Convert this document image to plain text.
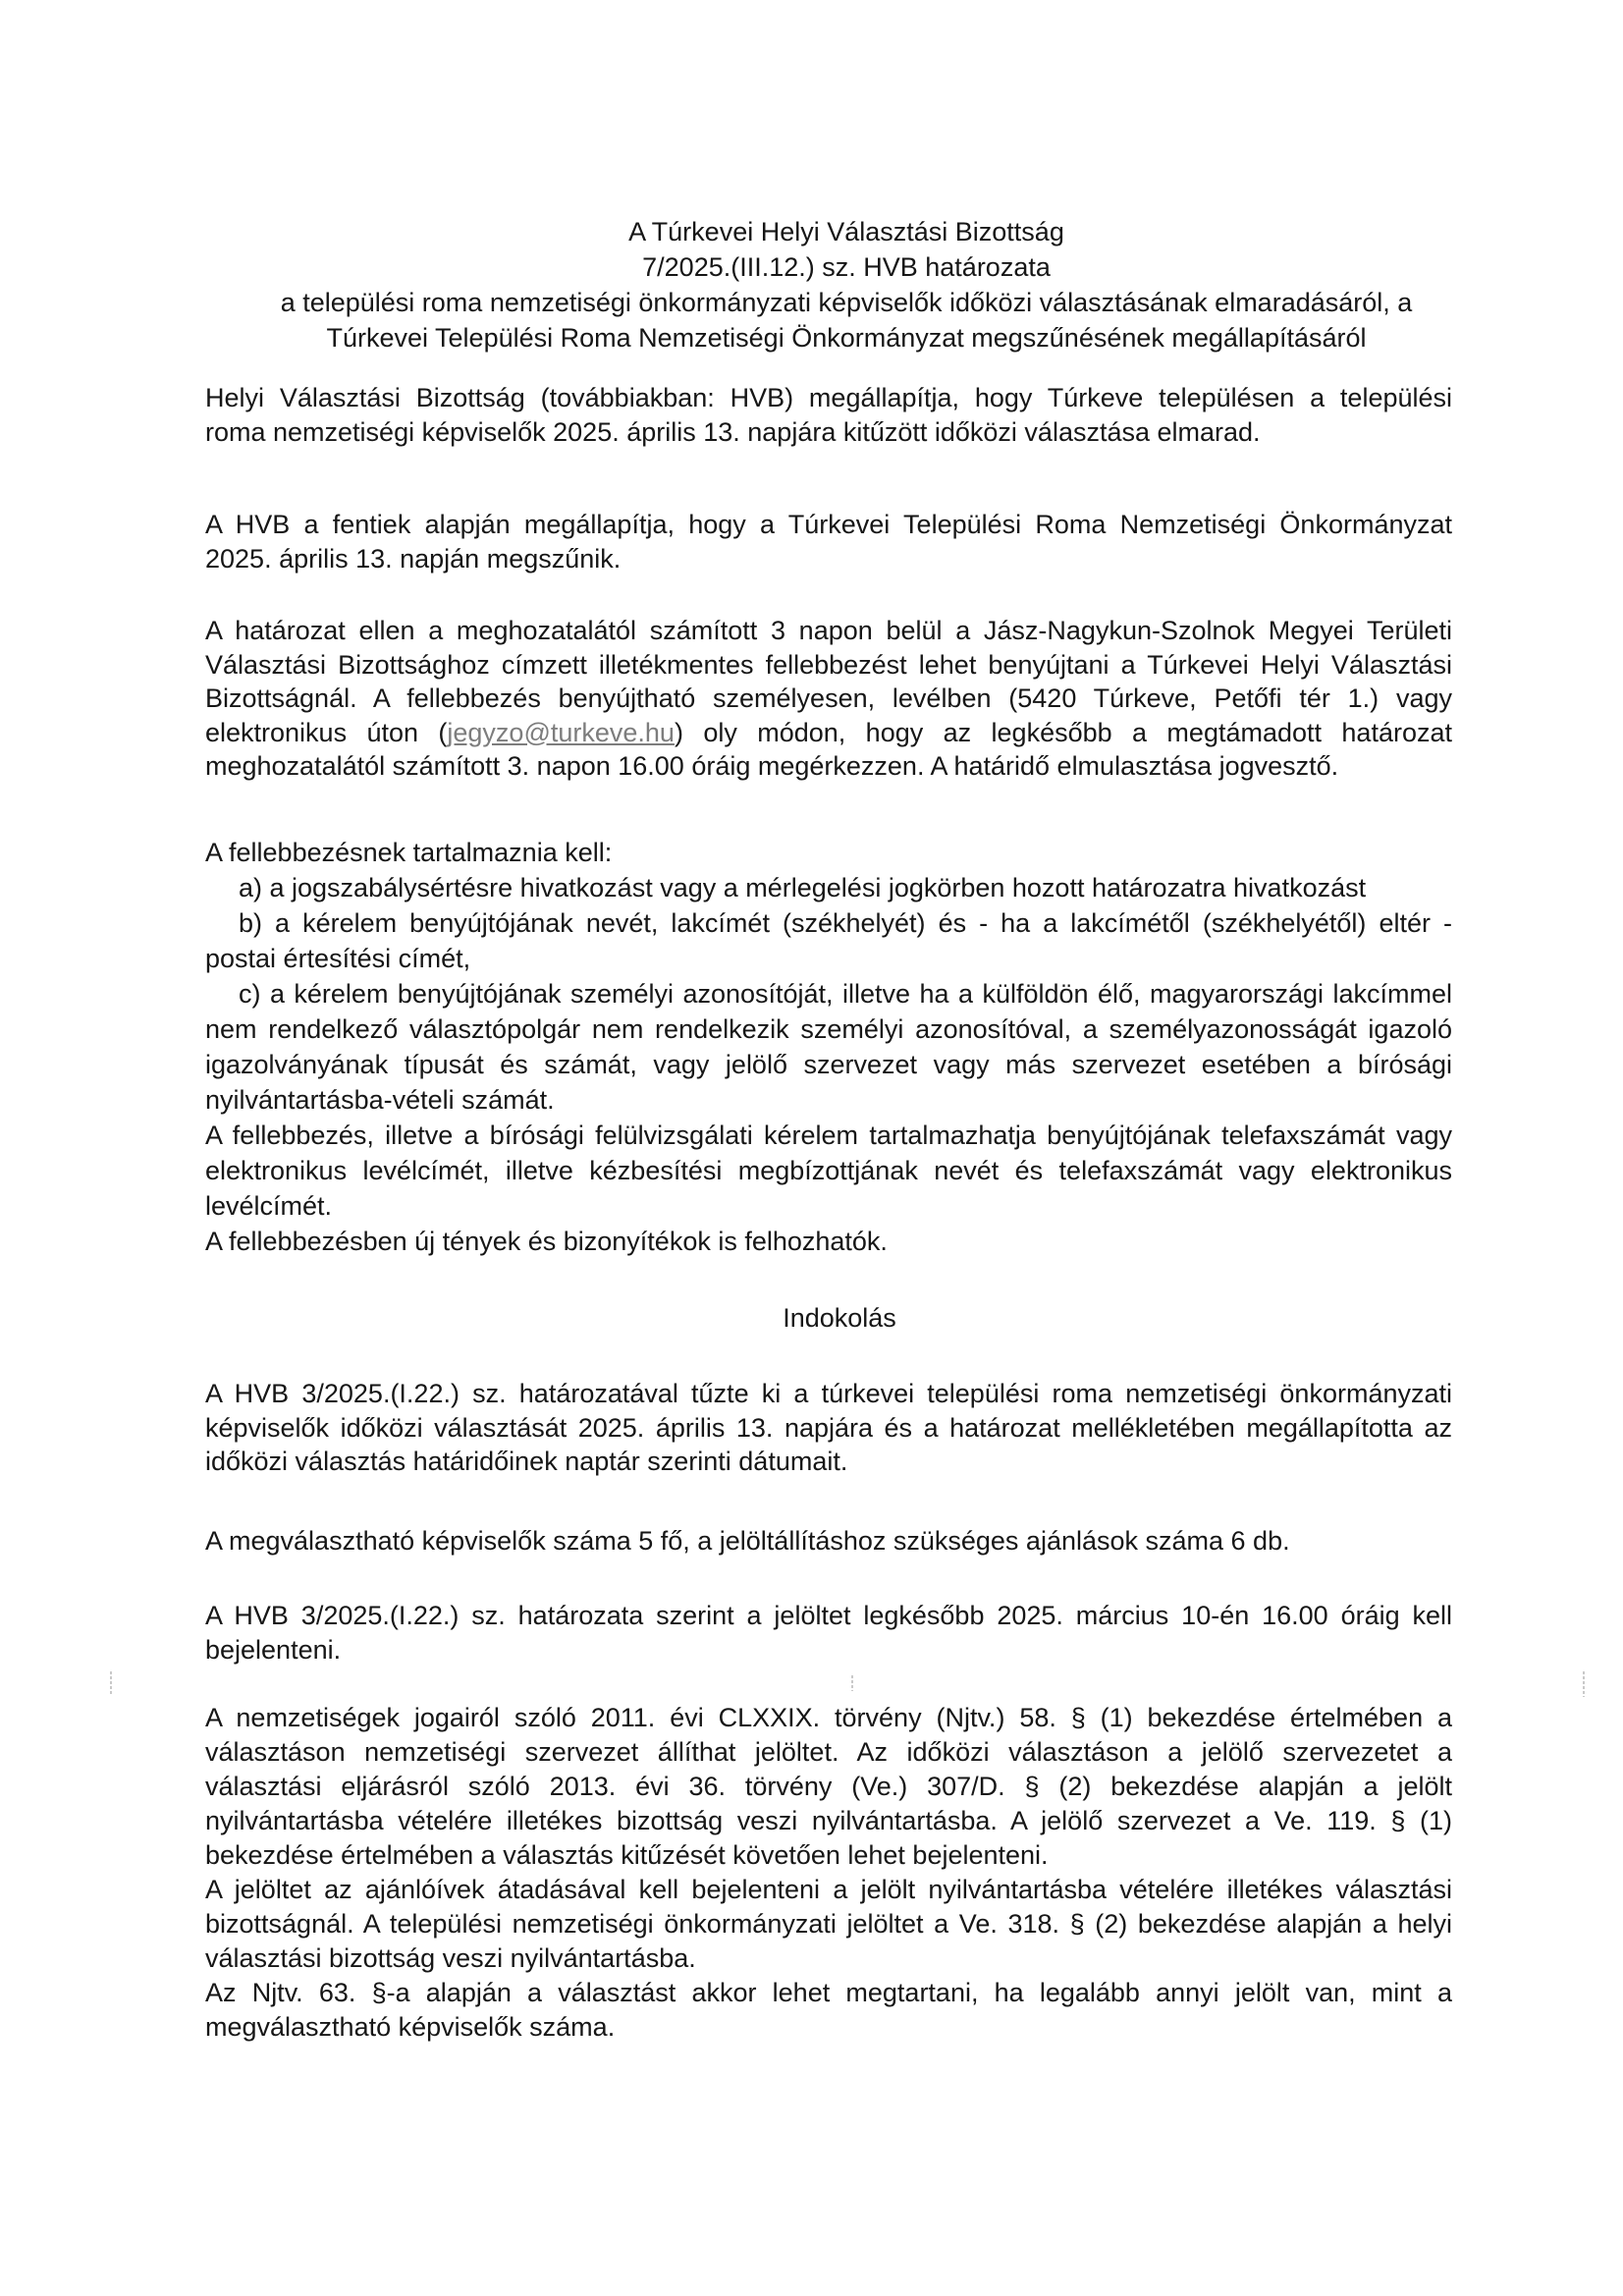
A Túrkevei Helyi Választási Bizottság
7/2025.(III.12.) sz. HVB határozata
a települési roma nemzetiségi önkormányzati képviselők időközi választásának elmaradásáról, a
Túrkevei Települési Roma Nemzetiségi Önkormányzat megszűnésének megállapításáról
Helyi Választási Bizottság (továbbiakban: HVB) megállapítja, hogy Túrkeve településen a települési
roma nemzetiségi képviselők 2025. április 13. napjára kitűzött időközi választása elmarad.
A HVB a fentiek alapján megállapítja, hogy a Túrkevei Települési Roma Nemzetiségi Önkormányzat
2025. április 13. napján megszűnik.
A határozat ellen a meghozatalától számított 3 napon belül a Jász-Nagykun-Szolnok Megyei Területi
Választási Bizottsághoz címzett illetékmentes fellebbezést lehet benyújtani a Túrkevei Helyi Választási
Bizottságnál. A fellebbezés benyújtható személyesen, levélben (5420 Túrkeve, Petőfi tér 1.) vagy
elektronikus úton (jegyzo@turkeve.hu) oly módon, hogy az legkésőbb a megtámadott határozat
meghozatalától számított 3. napon 16.00 óráig megérkezzen. A határidő elmulasztása jogvesztő.
A fellebbezésnek tartalmaznia kell:
a) a jogszabálysértésre hivatkozást vagy a mérlegelési jogkörben hozott határozatra hivatkozást
b) a kérelem benyújtójának nevét, lakcímét (székhelyét) és - ha a lakcímétől (székhelyétől) eltér -
postai értesítési címét,
c) a kérelem benyújtójának személyi azonosítóját, illetve ha a külföldön élő, magyarországi lakcímmel
nem rendelkező választópolgár nem rendelkezik személyi azonosítóval, a személyazonosságát igazoló
igazolványának típusát és számát, vagy jelölő szervezet vagy más szervezet esetében a bírósági
nyilvántartásba-vételi számát.
A fellebbezés, illetve a bírósági felülvizsgálati kérelem tartalmazhatja benyújtójának telefaxszámát vagy
elektronikus levélcímét, illetve kézbesítési megbízottjának nevét és telefaxszámát vagy elektronikus
levélcímét.
A fellebbezésben új tények és bizonyítékok is felhozhatók.
Indokolás
A HVB 3/2025.(I.22.) sz. határozatával tűzte ki a túrkevei települési roma nemzetiségi önkormányzati
képviselők időközi választását 2025. április 13. napjára és a határozat mellékletében megállapította az
időközi választás határidőinek naptár szerinti dátumait.
A megválasztható képviselők száma 5 fő, a jelöltállításhoz szükséges ajánlások száma 6 db.
A HVB 3/2025.(I.22.) sz. határozata szerint a jelöltet legkésőbb 2025. március 10-én 16.00 óráig kell
bejelenteni.
A nemzetiségek jogairól szóló 2011. évi CLXXIX. törvény (Njtv.) 58. § (1) bekezdése értelmében a
választáson nemzetiségi szervezet állíthat jelöltet. Az időközi választáson a jelölő szervezetet a
választási eljárásról szóló 2013. évi 36. törvény (Ve.) 307/D. § (2) bekezdése alapján a jelölt
nyilvántartásba vételére illetékes bizottság veszi nyilvántartásba. A jelölő szervezet a Ve. 119. § (1)
bekezdése értelmében a választás kitűzését követően lehet bejelenteni.
A jelöltet az ajánlóívek átadásával kell bejelenteni a jelölt nyilvántartásba vételére illetékes választási
bizottságnál. A települési nemzetiségi önkormányzati jelöltet a Ve. 318. § (2) bekezdése alapján a helyi
választási bizottság veszi nyilvántartásba.
Az Njtv. 63. §-a alapján a választást akkor lehet megtartani, ha legalább annyi jelölt van, mint a
megválasztható képviselők száma.
